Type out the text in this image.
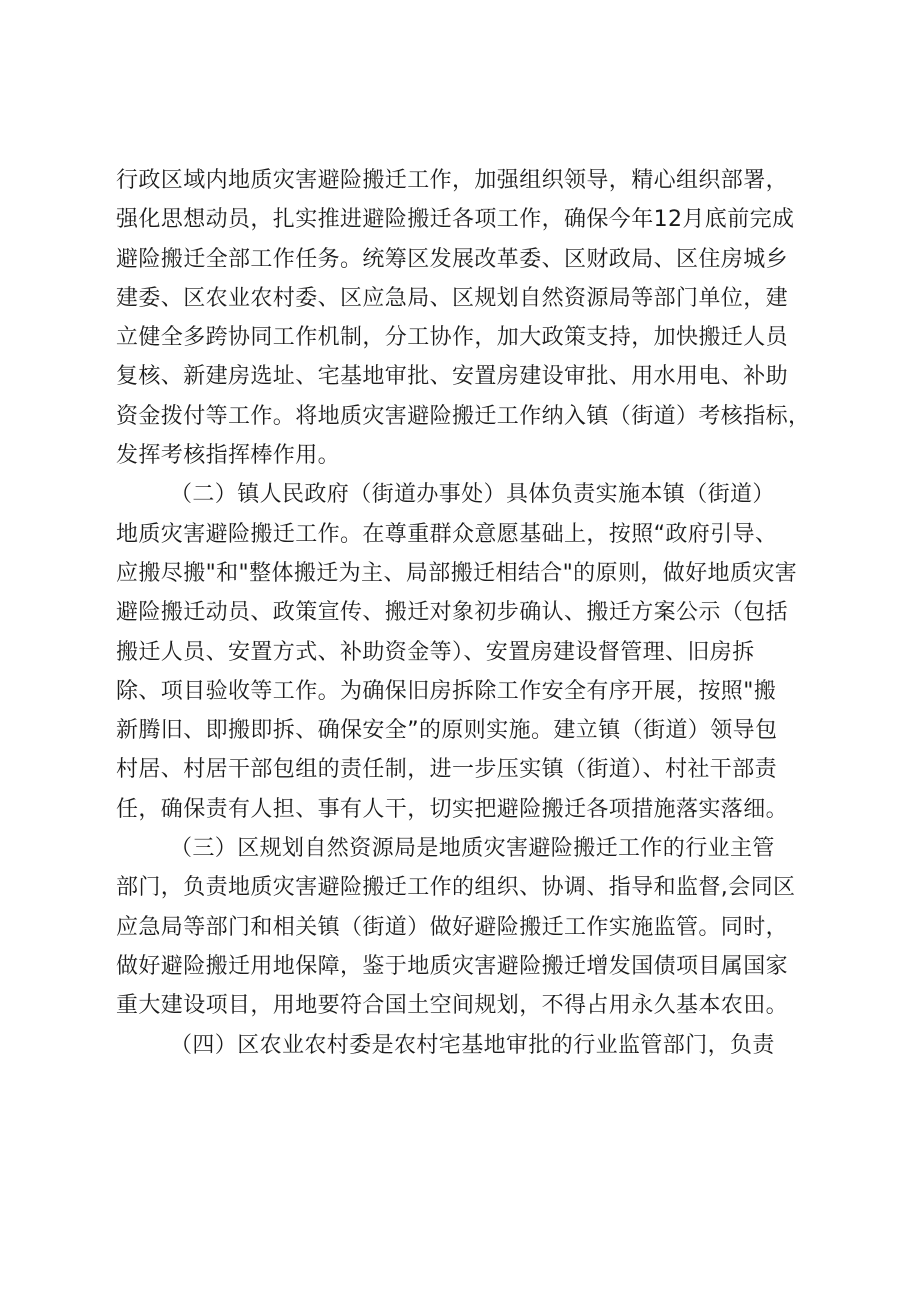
行政区域内地质灾害避险搬迁工作，加强组织领导，精心组织部署，
强化思想动员，扎实推进避险搬迁各项工作，确保今年12月底前完成
避险搬迁全部工作任务。统筹区发展改革委、区财政局、区住房城乡
建委、区农业农村委、区应急局、区规划自然资源局等部门单位，建
立健全多跨协同工作机制，分工协作，加大政策支持，加快搬迁人员
复核、新建房选址、宅基地审批、安置房建设审批、用水用电、补助
资金拨付等工作。将地质灾害避险搬迁工作纳入镇（街道）考核指标，
发挥考核指挥棒作用。
（二）镇人民政府（街道办事处）具体负责实施本镇（街道）
地质灾害避险搬迁工作。在尊重群众意愿基础上，按照“政府引导、
应搬尽搬"和"整体搬迁为主、局部搬迁相结合"的原则，做好地质灾害
避险搬迁动员、政策宣传、搬迁对象初步确认、搬迁方案公示（包括
搬迁人员、安置方式、补助资金等）、安置房建设督管理、旧房拆
除、项目验收等工作。为确保旧房拆除工作安全有序开展，按照"搬
新腾旧、即搬即拆、确保安全”的原则实施。建立镇（街道）领导包
村居、村居干部包组的责任制，进一步压实镇（街道）、村社干部责
任，确保责有人担、事有人干，切实把避险搬迁各项措施落实落细。
（三）区规划自然资源局是地质灾害避险搬迁工作的行业主管
部门，负责地质灾害避险搬迁工作的组织、协调、指导和监督,会同区
应急局等部门和相关镇（街道）做好避险搬迁工作实施监管。同时，
做好避险搬迁用地保障，鉴于地质灾害避险搬迁增发国债项目属国家
重大建设项目，用地要符合国土空间规划，不得占用永久基本农田。
（四）区农业农村委是农村宅基地审批的行业监管部门，负责
